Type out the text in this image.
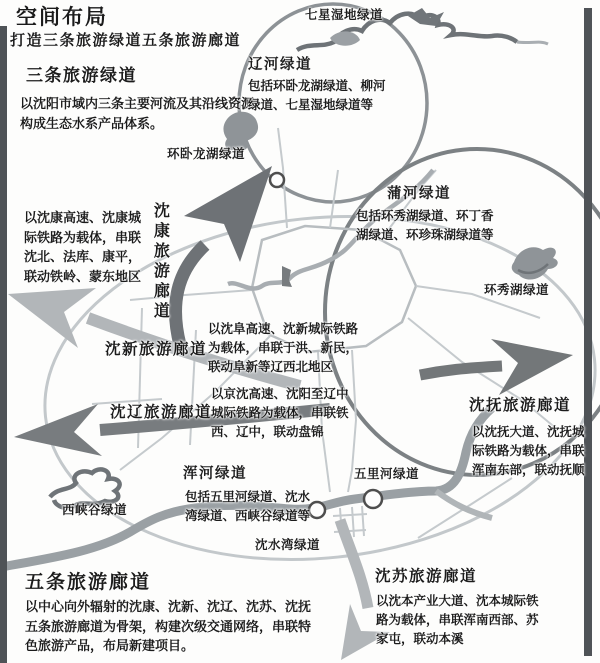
空间布局
打造三条旅游绿道五条旅游廊道
三条旅游绿道
以沈阳市域内三条主要河流及其沿线资源构成生态水系产品体系。
辽河绿道
包括环卧龙湖绿道、柳河绿道、七星湿地绿道等
蒲河绿道
包括环秀湖绿道、环丁香湖绿道、环珍珠湖绿道等
浑河绿道
包括五里河绿道、沈水湾绿道、西峡谷绿道等
七星湿地绿道
环卧龙湖绿道
环秀湖绿道
五里河绿道
沈水湾绿道
西峡谷绿道
沈康旅游廊道
以沈康高速、沈康城际铁路为载体，串联沈北、法库、康平，联动铁岭、蒙东地区
沈新旅游廊道
以沈阜高速、沈新城际铁路为载体，串联于洪、新民，联动阜新等辽西北地区
沈辽旅游廊道
以京沈高速、沈阳至辽中城际铁路为载体，串联铁西、辽中，联动盘锦
沈抚旅游廊道
以沈抚大道、沈抚城际铁路为载体，串联浑南东部，联动抚顺
沈苏旅游廊道
以沈本产业大道、沈本城际铁路为载体，串联浑南西部、苏家屯，联动本溪
五条旅游廊道
以中心向外辐射的沈康、沈新、沈辽、沈苏、沈抚五条旅游廊道为骨架，构建次级交通网络，串联特色旅游产品，布局新建项目。
